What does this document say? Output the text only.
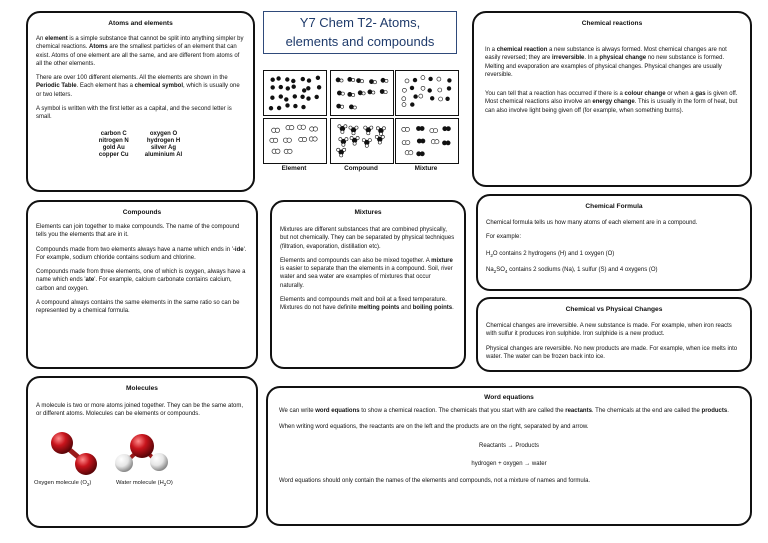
Atoms and elements

An element is a simple substance that cannot be split into anything simpler by chemical reactions. Atoms are the smallest particles of an element that can exist. Atoms of one element are all the same, and are different from atoms of all the other elements.

There are over 100 different elements. All the elements are shown in the Periodic Table. Each element has a chemical symbol, which is usually one or two letters.

A symbol is written with the first letter as a capital, and the second letter is small.

carbon C	oxygen O
nitrogen N	hydrogen H
gold Au	silver Ag
copper Cu	aluminium Al
Y7 Chem T2- Atoms,
elements and compounds
Element	Compound	Mixture
Chemical reactions

In a chemical reaction a new substance is always formed. Most chemical changes are not easily reversed; they are irreversible. In a physical change no new substance is formed. Melting and evaporation are examples of physical changes. Physical changes are usually reversible.

You can tell that a reaction has occurred if there is a colour change or when a gas is given off. Most chemical reactions also involve an energy change. This is usually in the form of heat, but can also involve light being given off (for example, when something burns).

Compounds

Elements can join together to make compounds. The name of the compound tells you the elements that are in it.

Compounds made from two elements always have a name which ends in '-ide'. For example, sodium chloride contains sodium and chlorine.

Compounds made from three elements, one of which is oxygen, always have a name which ends 'ate'. For example, calcium carbonate contains calcium, carbon and oxygen.

A compound always contains the same elements in the same ratio so can be represented by a chemical formula.

Mixtures

Mixtures are different substances that are combined physically, but not chemically. They can be separated by physical techniques (filtration, evaporation, distillation etc).

Elements and compounds can also be mixed together. A mixture is easier to separate than the elements in a compound. Soil, river water and sea water are examples of mixtures that occur naturally.

Elements and compounds melt and boil at a fixed temperature. Mixtures do not have definite melting points and boiling points.

Chemical Formula

Chemical formula tells us how many atoms of each element are in a compound.

For example:

$H_2O$ contains 2 hydrogens (H) and 1 oxygen (O)

$Na_2SO_4$ contains 2 sodiums (Na), 1 sulfur (S) and 4 oxygens (O)

Chemical vs Physical Changes

Chemical changes are irreversible. A new substance is made. For example, when iron reacts with sulfur it produces iron sulphide. Iron sulphide is a new product.

Physical changes are reversible. No new products are made. For example, when ice melts into water. The water can be frozen back into ice.

Molecules

A molecule is two or more atoms joined together. They can be the same atom, or different atoms. Molecules can be elements or compounds.

Oxygen molecule $(O_2)$	Water molecule $(H_2O)$
Word equations

We can write word equations to show a chemical reaction. The chemicals that you start with are called the reactants. The chemicals at the end are called the products.

When writing word equations, the reactants are on the left and the products are on the right, separated by and arrow.

Reactants → Products

hydrogen + oxygen → water

Word equations should only contain the names of the elements and compounds, not a mixture of names and formula.
